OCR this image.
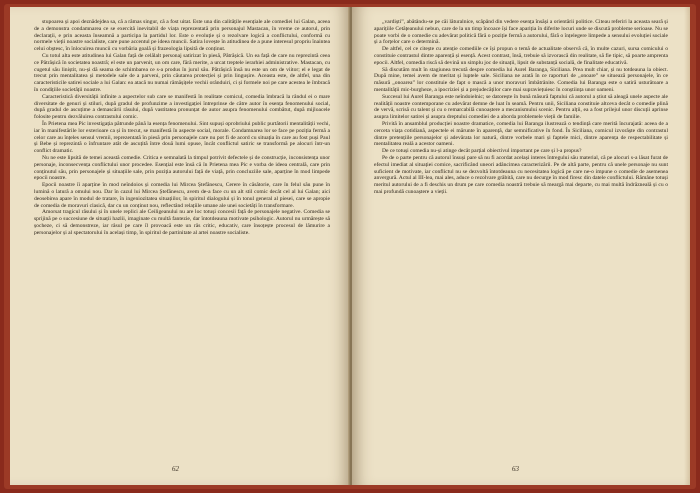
stupoarea și apoi deznădejdea sa, că a rămas singur, că a fost uitat. Este una din calitățile esențiale ale comediei lui Galan, aceea de a demonstra condamnarea ce se exercită inevitabil de viața reprezentată prin personajul Mastacan, în vreme ce autorul, prin declarații, e prin aceasta înseamnă a participa la partidul lor. Este o evoluție și o rezolvare logică a conflictului, conformă cu normele vieții noastre socialiste, care pune accentul pe ideea muncii. Satira lovește în atitudinea de a pune interesul propriu înaintea celui obștesc, în înlocuirea muncii cu vorbăria goală și frazeologia lipsită de conținut.

Cu totul alta este atitudinea lui Galan față de celălalt personaj satirizat în piesă, Pătrășică. Un ea față de care nu reprezintă ceea ce Pătrășică în societatea noastră; el este un parvenit, un om care, fără merite, a urcat treptele ierarhiei administrative. Mastacan, cu cugetul său liniștit, nu-și dă seama de schimbarea ce s-a produs în jurul său. Pătrășică însă nu este un om de viitor; el e legat de trecut prin mentalitatea și metodele sale de a parveni, prin căutarea protecției și prin lingușire. Aceasta este, de altfel, una din caracteristicile satirei sociale a lui Galan: ea atacă nu numai rămășițele vechii orânduiri, ci și formele noi pe care acestea le îmbracă în condițiile societății noastre.

Caracteristică diversității infinite a aspectelor sub care se manifestă în realitate comicul, comedia îmbracă la rândul ei o mare diversitate de genuri și stiluri, după gradul de profunzime a investigației întreprinse de către autor în esența fenomenului social, după gradul de ascuțime a demascării râsului, după vastitatea pronunțat de autor asupra fenomenului combătut, după mijloacele folosite pentru dezvăluirea contrastului comic.

În Prietena mea Pic investigația pătrunde până la esența fenomenului. Sint supuși oprobriului public purtătorii mentalității vechi, iar în manifestările lor exterioare ca și în trecut, se manifestă în aspecte social, morale. Condamnarea lor se face pe poziția fermă a celor care au înțeles sensul vremii, reprezentată în piesă prin personajele care nu pot fi de acord cu situația în care au fost puși Paul și Bebe și reprezintă o înfruntare atât de ascuțită între două lumi opuse, încât conflictul satiric se transformă pe alocuri într-un conflict dramatic.

Nu ne este lipsită de temei această comedie. Critica e semnalată la timpul potrivit defectele și de construcție, inconsistența unor personaje, inconsecvența conflictului unor procedee. Esențial este însă că în Prietena mea Pic e vorba de ideea centrală, care prin conținutul său, prin personajele și situațiile sale, prin poziția autorului față de viață, prin concluziile sale, aparține în mod limpede epocii noastre.

Epocii noastre îi aparține în mod neîndoios și comedia lui Mircea Ștefănescu, Cerere în căsătorie, care în felul său pune în lumină o latură a omului nou. Dar în cazul lui Mircea Ștefănescu, avem de-a face cu un alt stil comic decât cel al lui Galan; aici deosebirea apare în modul de tratare, în ingeniozitatea situațiilor, în spiritul dialogului și în tonul general al piesei, care se apropie de comedia de moravuri clasică, dar cu un conținut nou, reflectând relațiile umane ale unei societăți în transformare.

Amorsat tragicul râsului și în unele replici ale Ceiligeanului nu are loc totuși concesii față de personajele negative. Comedia se sprijină pe o succesiune de situații hazlii, imaginate cu multă fantezie, dar întotdeauna motivate psihologic. Autorul nu urmărește să șocheze, ci să demonstreze, iar râsul pe care îl provoacă este un râs critic, educativ, care însoțește procesul de lămurire a personajelor și al spectatorului în același timp, în spiritul de partinitate al artei noastre socialiste.

62

„vardiști”, abătându-se pe căi lăturalnice, scăpând din vedere esența însăși a orientării politice. Citeau referiri la aceasta seară și aparițiile Cetățeanului nebun, care de la un timp încoace își face apariția în diferite locuri unde se discută probleme serioase. Nu se poate vorbi de o comedie cu adevărat politică fără o poziție fermă a autorului, fără o înțelegere limpede a sensului evoluției sociale și a forțelor care o determină.

De altfel, cel ce citește cu atenție comediile ce își propun o temă de actualitate observă că, în multe cazuri, sursa comicului o constituie contrastul dintre aparență și esență. Acest contrast, însă, trebuie să izvorască din realitate, să fie tipic, să poarte amprenta epocii. Altfel, comedia riscă să devină un simplu joc de situații, lipsit de substanță socială, de finalitate educativă.

Să discutăm mult în stagiunea trecută despre comedia lui Aurel Baranga, Siciliana. Prea mult chiar, și nu totdeauna la obiect. După mine, temei avem de meritat și luptele sale. Siciliana ne arată în ce raporturi de „onoare” se situează personajele, în ce măsură „onoarea” lor constituie de fapt o mască a unor moravuri îmbătrânite. Comedia lui Baranga este o satiră usturătoare a mentalității mic-burgheze, a ipocriziei și a prejudecăților care mai supraviețuiesc în conștiința unor oameni.

Succesul lui Aurel Baranga este neîndoielnic; se datorește în bună măsură faptului că autorul a știut să aleagă unele aspecte ale realității noastre contemporane cu adevărat demne de luat în seamă. Pentru unii, Siciliana constituie altceva decât o comedie plină de vervă, scrisă cu talent și cu o remarcabilă cunoaștere a mecanismului scenic. Pentru alții, ea a fost prilejul unor discuții aprinse asupra limitelor satirei și asupra dreptului comediei de a aborda problemele vieții de familie.

Privită în ansamblul producției noastre dramatice, comedia lui Baranga ilustrează o tendință care merită încurajată: aceea de a cerceta viața cotidiană, aspectele ei mărunte în aparență, dar semnificative în fond. În Siciliana, comicul izvorăște din contrastul dintre pretențiile personajelor și adevărata lor natură, dintre vorbele mari și faptele mici, dintre aparența de respectabilitate și mentalitatea reală a acestor oameni.

De ce totuși comedia nu-și atinge decât parțial obiectivul important pe care și l-a propus?

Pe de o parte pentru că autorul însuși pare să nu fi acordat același interes întregului său material, că pe alocuri s-a lăsat furat de efectul imediat al situației comice, sacrificând uneori adâncimea caracterizării. Pe de altă parte, pentru că unele personaje nu sunt suficient de motivate, iar conflictul nu se dezvoltă întotdeauna cu necesitatea logică pe care ne-o impune o comedie de asemenea anvergură. Actul al III-lea, mai ales, aduce o rezolvare grăbită, care nu decurge în mod firesc din datele conflictului. Rămâne totuși meritul autorului de a fi deschis un drum pe care comedia noastră trebuie să meargă mai departe, cu mai multă îndrăzneală și cu o mai profundă cunoaștere a vieții.

63
